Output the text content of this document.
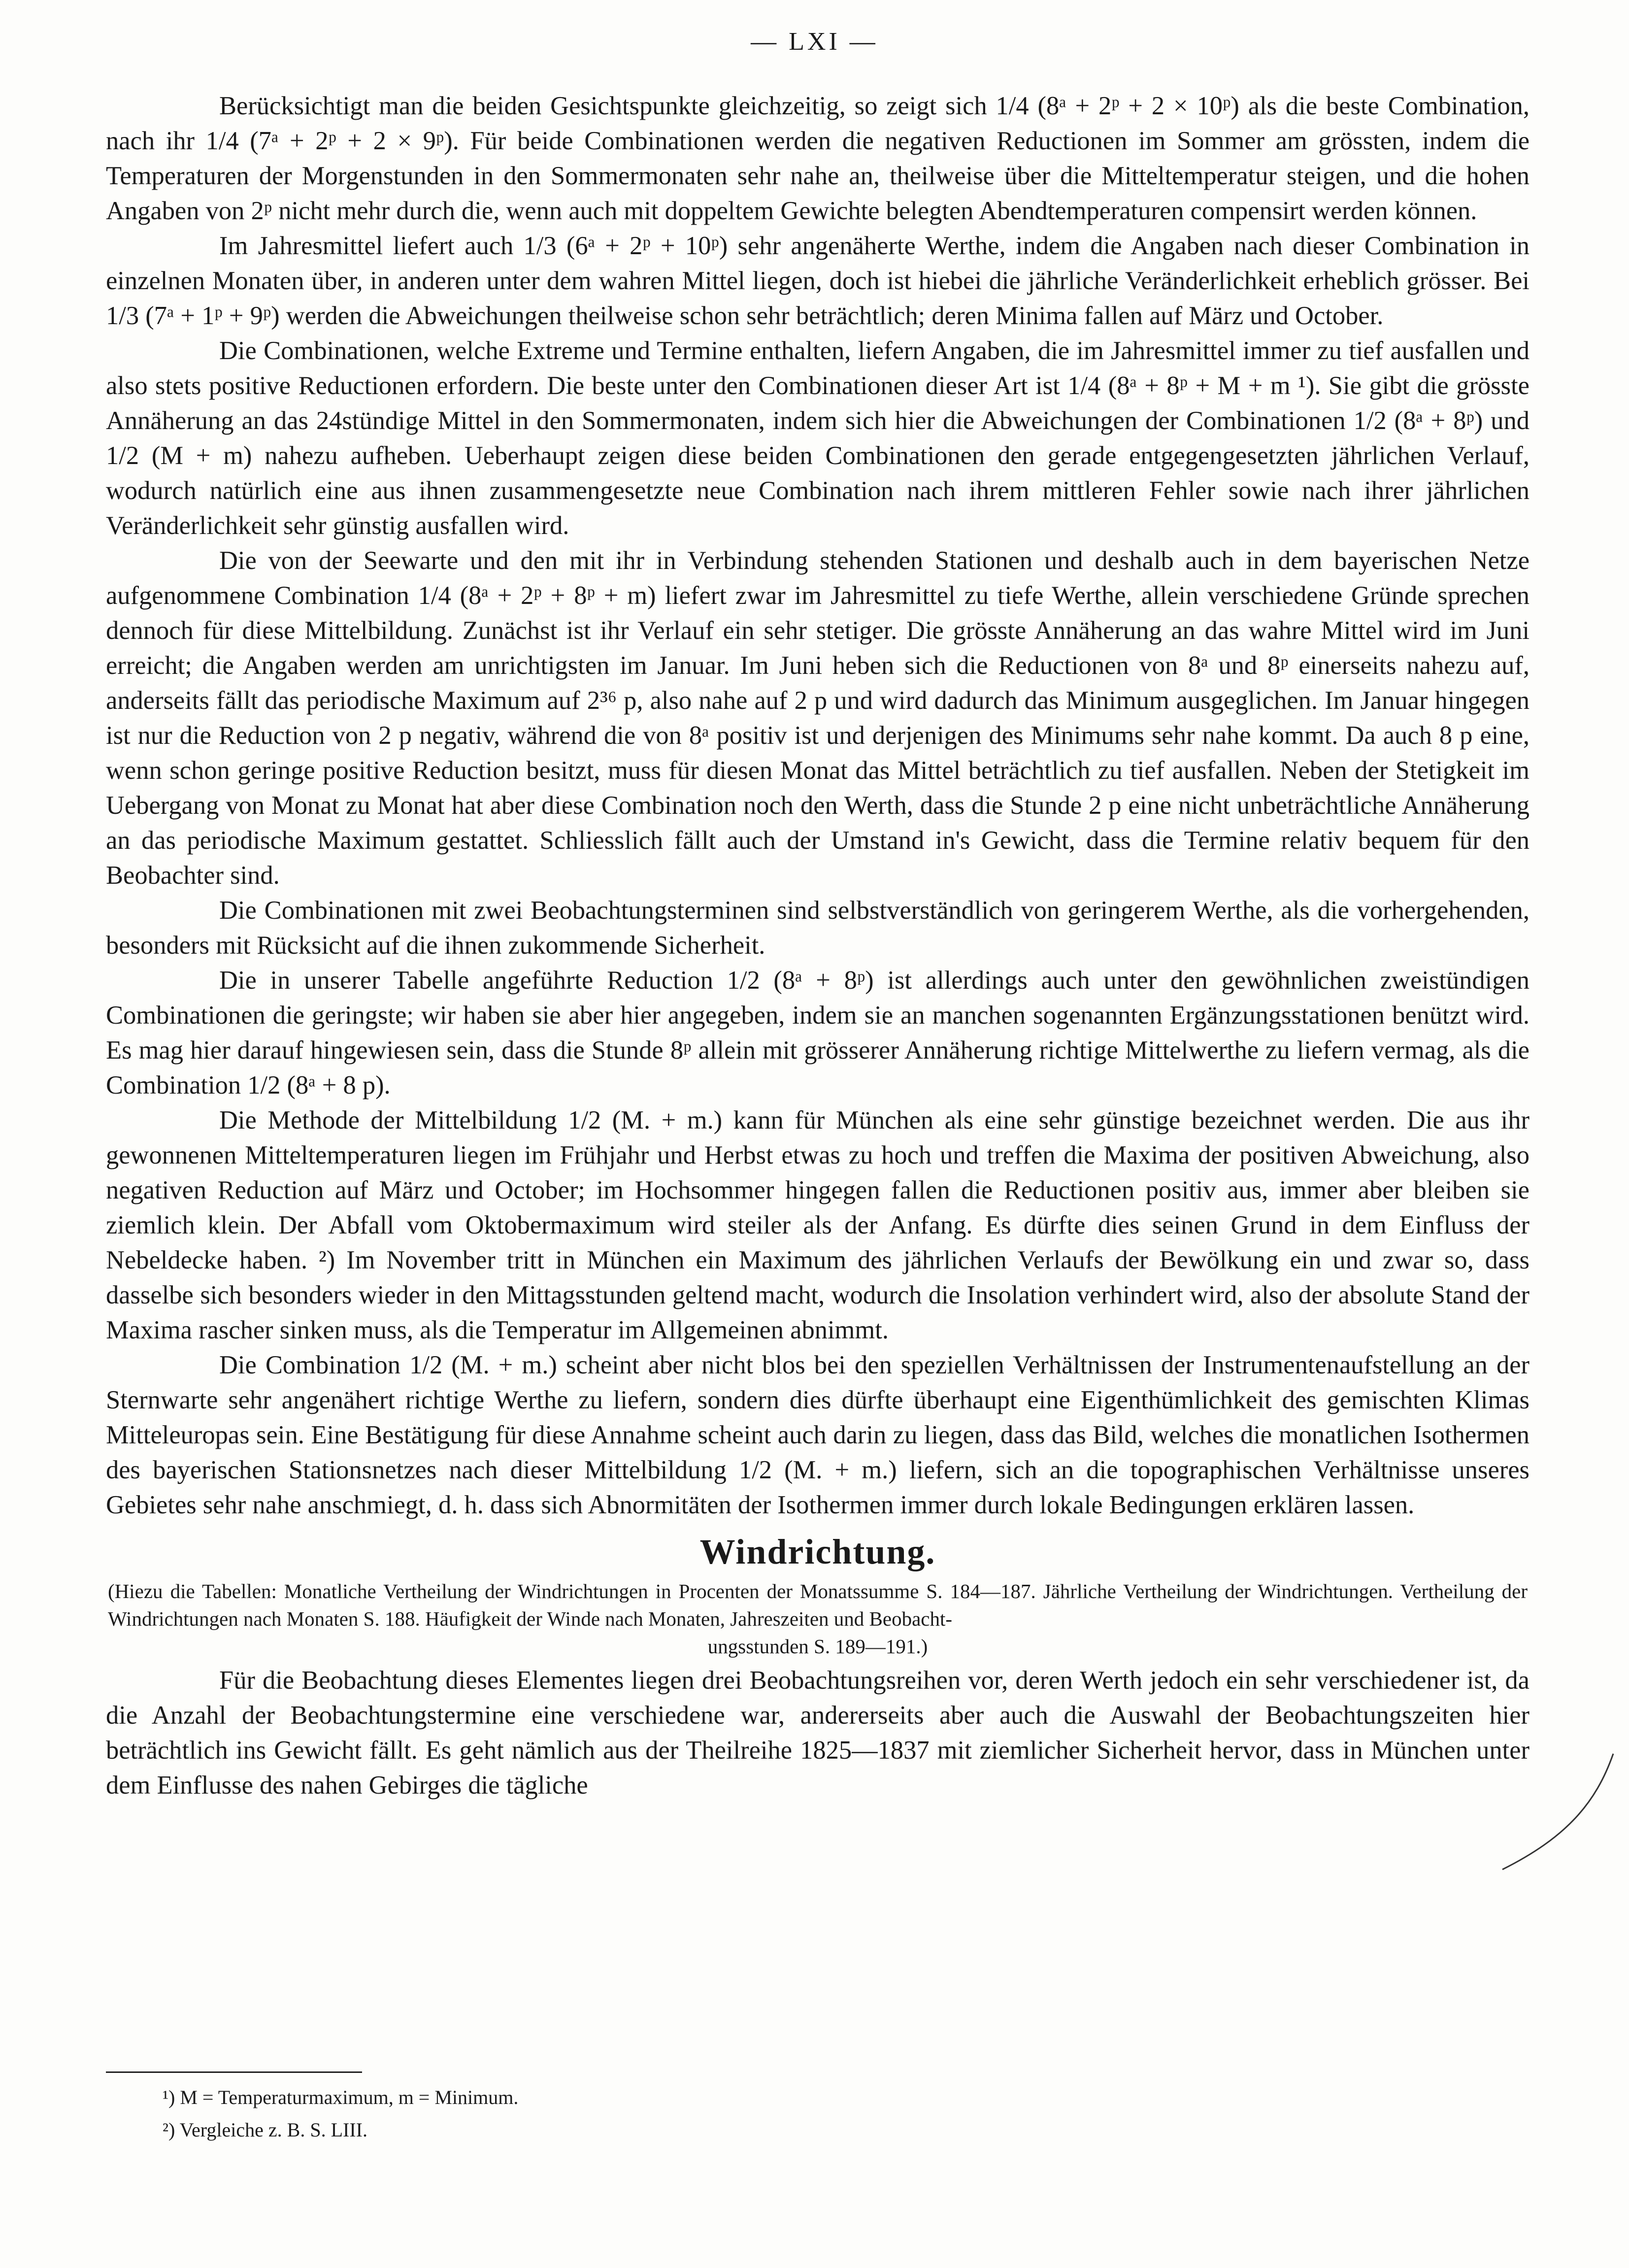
— LXI —

Berücksichtigt man die beiden Gesichtspunkte gleichzeitig, so zeigt sich 1/4 (8ᵃ + 2ᵖ + 2 × 10ᵖ) als die beste Combination, nach ihr 1/4 (7ᵃ + 2ᵖ + 2 × 9ᵖ). Für beide Combinationen werden die negativen Reductionen im Sommer am grössten, indem die Temperaturen der Morgenstunden in den Sommermonaten sehr nahe an, theilweise über die Mitteltemperatur steigen, und die hohen Angaben von 2ᵖ nicht mehr durch die, wenn auch mit doppeltem Gewichte belegten Abendtemperaturen compensirt werden können.

Im Jahresmittel liefert auch 1/3 (6ᵃ + 2ᵖ + 10ᵖ) sehr angenäherte Werthe, indem die Angaben nach dieser Combination in einzelnen Monaten über, in anderen unter dem wahren Mittel liegen, doch ist hiebei die jährliche Veränderlichkeit erheblich grösser. Bei 1/3 (7ᵃ + 1ᵖ + 9ᵖ) werden die Abweichungen theilweise schon sehr beträchtlich; deren Minima fallen auf März und October.

Die Combinationen, welche Extreme und Termine enthalten, liefern Angaben, die im Jahresmittel immer zu tief ausfallen und also stets positive Reductionen erfordern. Die beste unter den Combinationen dieser Art ist 1/4 (8ᵃ + 8ᵖ + M + m ¹). Sie gibt die grösste Annäherung an das 24stündige Mittel in den Sommermonaten, indem sich hier die Abweichungen der Combinationen 1/2 (8ᵃ + 8ᵖ) und 1/2 (M + m) nahezu aufheben. Ueberhaupt zeigen diese beiden Combinationen den gerade entgegengesetzten jährlichen Verlauf, wodurch natürlich eine aus ihnen zusammengesetzte neue Combination nach ihrem mittleren Fehler sowie nach ihrer jährlichen Veränderlichkeit sehr günstig ausfallen wird.

Die von der Seewarte und den mit ihr in Verbindung stehenden Stationen und deshalb auch in dem bayerischen Netze aufgenommene Combination 1/4 (8ᵃ + 2ᵖ + 8ᵖ + m) liefert zwar im Jahresmittel zu tiefe Werthe, allein verschiedene Gründe sprechen dennoch für diese Mittelbildung. Zunächst ist ihr Verlauf ein sehr stetiger. Die grösste Annäherung an das wahre Mittel wird im Juni erreicht; die Angaben werden am unrichtigsten im Januar. Im Juni heben sich die Reductionen von 8ᵃ und 8ᵖ einerseits nahezu auf, anderseits fällt das periodische Maximum auf 2³⁶ p, also nahe auf 2 p und wird dadurch das Minimum ausgeglichen. Im Januar hingegen ist nur die Reduction von 2 p negativ, während die von 8ᵃ positiv ist und derjenigen des Minimums sehr nahe kommt. Da auch 8 p eine, wenn schon geringe positive Reduction besitzt, muss für diesen Monat das Mittel beträchtlich zu tief ausfallen. Neben der Stetigkeit im Uebergang von Monat zu Monat hat aber diese Combination noch den Werth, dass die Stunde 2 p eine nicht unbeträchtliche Annäherung an das periodische Maximum gestattet. Schliesslich fällt auch der Umstand in's Gewicht, dass die Termine relativ bequem für den Beobachter sind.

Die Combinationen mit zwei Beobachtungsterminen sind selbstverständlich von geringerem Werthe, als die vorhergehenden, besonders mit Rücksicht auf die ihnen zukommende Sicherheit.

Die in unserer Tabelle angeführte Reduction 1/2 (8ᵃ + 8ᵖ) ist allerdings auch unter den gewöhnlichen zweistündigen Combinationen die geringste; wir haben sie aber hier angegeben, indem sie an manchen sogenannten Ergänzungsstationen benützt wird. Es mag hier darauf hingewiesen sein, dass die Stunde 8ᵖ allein mit grösserer Annäherung richtige Mittelwerthe zu liefern vermag, als die Combination 1/2 (8ᵃ + 8 p).

Die Methode der Mittelbildung 1/2 (M. + m.) kann für München als eine sehr günstige bezeichnet werden. Die aus ihr gewonnenen Mitteltemperaturen liegen im Frühjahr und Herbst etwas zu hoch und treffen die Maxima der positiven Abweichung, also negativen Reduction auf März und October; im Hochsommer hingegen fallen die Reductionen positiv aus, immer aber bleiben sie ziemlich klein. Der Abfall vom Oktobermaximum wird steiler als der Anfang. Es dürfte dies seinen Grund in dem Einfluss der Nebeldecke haben. ²) Im November tritt in München ein Maximum des jährlichen Verlaufs der Bewölkung ein und zwar so, dass dasselbe sich besonders wieder in den Mittagsstunden geltend macht, wodurch die Insolation verhindert wird, also der absolute Stand der Maxima rascher sinken muss, als die Temperatur im Allgemeinen abnimmt.

Die Combination 1/2 (M. + m.) scheint aber nicht blos bei den speziellen Verhältnissen der Instrumentenaufstellung an der Sternwarte sehr angenähert richtige Werthe zu liefern, sondern dies dürfte überhaupt eine Eigenthümlichkeit des gemischten Klimas Mitteleuropas sein. Eine Bestätigung für diese Annahme scheint auch darin zu liegen, dass das Bild, welches die monatlichen Isothermen des bayerischen Stationsnetzes nach dieser Mittelbildung 1/2 (M. + m.) liefern, sich an die topographischen Verhältnisse unseres Gebietes sehr nahe anschmiegt, d. h. dass sich Abnormitäten der Isothermen immer durch lokale Bedingungen erklären lassen.

Windrichtung.
(Hiezu die Tabellen: Monatliche Vertheilung der Windrichtungen in Procenten der Monatssumme S. 184—187. Jährliche Vertheilung der Windrichtungen. Vertheilung der Windrichtungen nach Monaten S. 188. Häufigkeit der Winde nach Monaten, Jahreszeiten und Beobacht-
ungsstunden S. 189—191.)

Für die Beobachtung dieses Elementes liegen drei Beobachtungsreihen vor, deren Werth jedoch ein sehr verschiedener ist, da die Anzahl der Beobachtungstermine eine verschiedene war, andererseits aber auch die Auswahl der Beobachtungszeiten hier beträchtlich ins Gewicht fällt. Es geht nämlich aus der Theilreihe 1825—1837 mit ziemlicher Sicherheit hervor, dass in München unter dem Einflusse des nahen Gebirges die tägliche

¹) M = Temperaturmaximum, m = Minimum.
²) Vergleiche z. B. S. LIII.
